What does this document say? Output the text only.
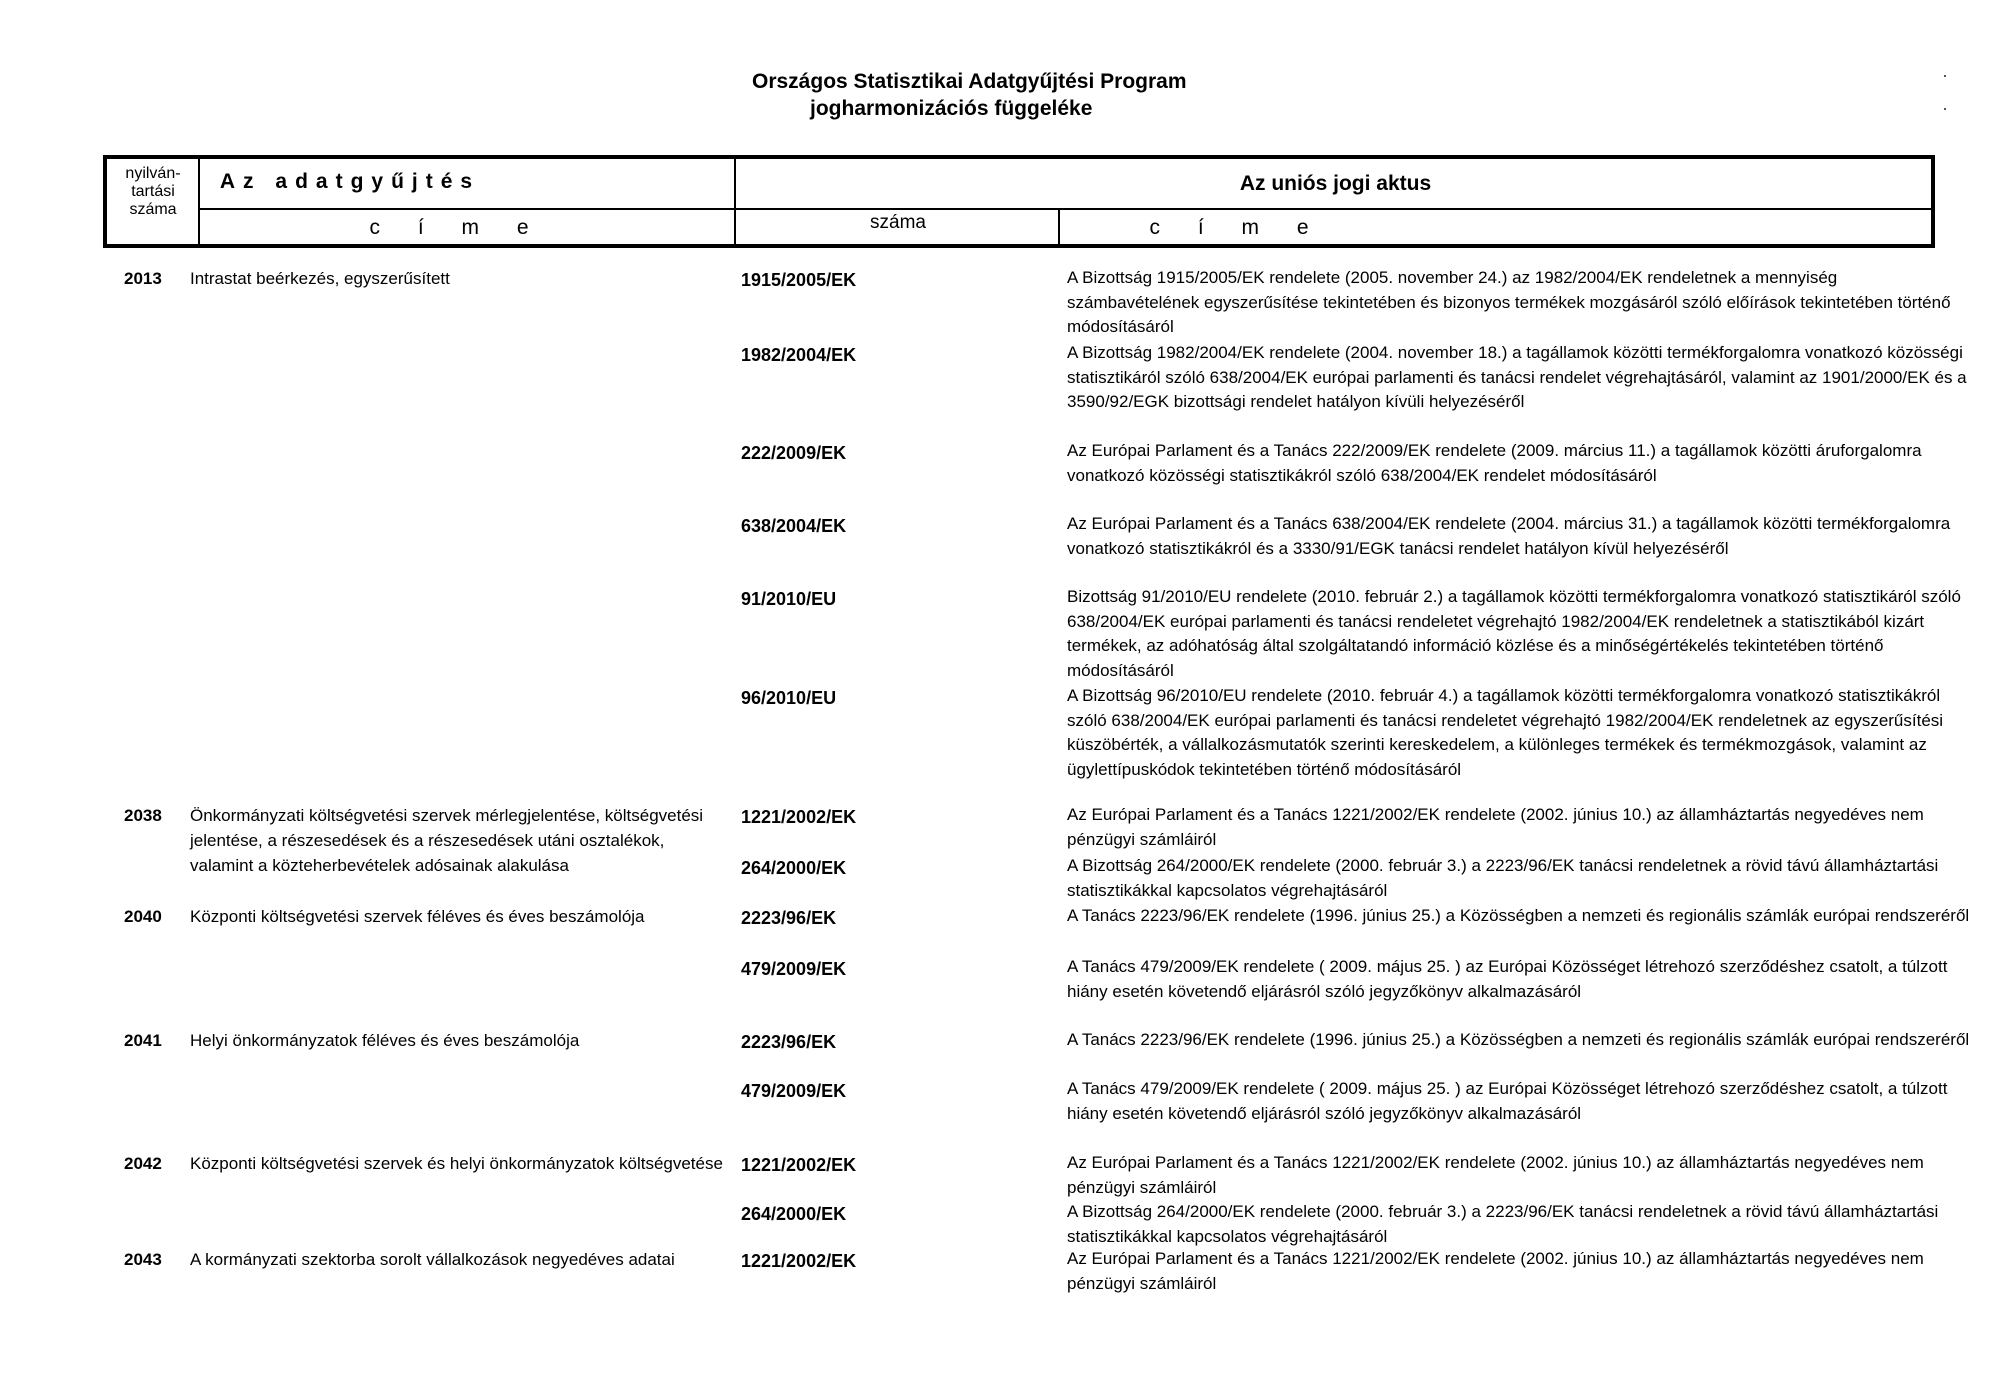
Országos Statisztikai Adatgyűjtési Program
jogharmonizációs függeléke
nyilván-
tartási
száma
Az adatgyűjtés
c í m e
Az uniós jogi aktus
száma	c í m e
2013 Intrastat beérkezés, egyszerűsített	1915/2005/EK	A Bizottság 1915/2005/EK rendelete (2005. november 24.) az 1982/2004/EK rendeletnek a mennyiség számbavételének egyszerűsítése tekintetében és bizonyos termékek mozgásáról szóló előírások tekintetében történő módosításáról
1982/2004/EK	A Bizottság 1982/2004/EK rendelete (2004. november 18.) a tagállamok közötti termékforgalomra vonatkozó közösségi statisztikáról szóló 638/2004/EK európai parlamenti és tanácsi rendelet végrehajtásáról, valamint az 1901/2000/EK és a 3590/92/EGK bizottsági rendelet hatályon kívüli helyezéséről
222/2009/EK	Az Európai Parlament és a Tanács 222/2009/EK rendelete (2009. március 11.) a tagállamok közötti áruforgalomra vonatkozó közösségi statisztikákról szóló 638/2004/EK rendelet módosításáról
638/2004/EK	Az Európai Parlament és a Tanács 638/2004/EK rendelete (2004. március 31.) a tagállamok közötti termékforgalomra vonatkozó statisztikákról és a 3330/91/EGK tanácsi rendelet hatályon kívül helyezéséről
91/2010/EU	Bizottság 91/2010/EU rendelete (2010. február 2.) a tagállamok közötti termékforgalomra vonatkozó statisztikáról szóló 638/2004/EK európai parlamenti és tanácsi rendeletet végrehajtó 1982/2004/EK rendeletnek a statisztikából kizárt termékek, az adóhatóság által szolgáltatandó információ közlése és a minőségértékelés tekintetében történő módosításáról
96/2010/EU	A Bizottság 96/2010/EU rendelete (2010. február 4.) a tagállamok közötti termékforgalomra vonatkozó statisztikákról szóló 638/2004/EK európai parlamenti és tanácsi rendeletet végrehajtó 1982/2004/EK rendeletnek az egyszerűsítési küszöbérték, a vállalkozásmutatók szerinti kereskedelem, a különleges termékek és termékmozgások, valamint az ügylettípuskódok tekintetében történő módosításáról
2038 Önkormányzati költségvetési szervek mérlegjelentése, költségvetési jelentése, a részesedések és a részesedések utáni osztalékok, valamint a közteherbevételek adósainak alakulása
1221/2002/EK	Az Európai Parlament és a Tanács 1221/2002/EK rendelete (2002. június 10.) az államháztartás negyedéves nem pénzügyi számláiról
264/2000/EK	A Bizottság 264/2000/EK rendelete (2000. február 3.) a 2223/96/EK tanácsi rendeletnek a rövid távú államháztartási statisztikákkal kapcsolatos végrehajtásáról
2040 Központi költségvetési szervek féléves és éves beszámolója	2223/96/EK	A Tanács 2223/96/EK rendelete (1996. június 25.) a Közösségben a nemzeti és regionális számlák európai rendszeréről
479/2009/EK	A Tanács 479/2009/EK rendelete ( 2009. május 25. ) az Európai Közösséget létrehozó szerződéshez csatolt, a túlzott hiány esetén követendő eljárásról szóló jegyzőkönyv alkalmazásáról
2041 Helyi önkormányzatok féléves és éves beszámolója	2223/96/EK	A Tanács 2223/96/EK rendelete (1996. június 25.) a Közösségben a nemzeti és regionális számlák európai rendszeréről
479/2009/EK	A Tanács 479/2009/EK rendelete ( 2009. május 25. ) az Európai Közösséget létrehozó szerződéshez csatolt, a túlzott hiány esetén követendő eljárásról szóló jegyzőkönyv alkalmazásáról
2042 Központi költségvetési szervek és helyi önkormányzatok költségvetése	1221/2002/EK	Az Európai Parlament és a Tanács 1221/2002/EK rendelete (2002. június 10.) az államháztartás negyedéves nem pénzügyi számláiról
264/2000/EK	A Bizottság 264/2000/EK rendelete (2000. február 3.) a 2223/96/EK tanácsi rendeletnek a rövid távú államháztartási statisztikákkal kapcsolatos végrehajtásáról
2043 A kormányzati szektorba sorolt vállalkozások negyedéves adatai	1221/2002/EK	Az Európai Parlament és a Tanács 1221/2002/EK rendelete (2002. június 10.) az államháztartás negyedéves nem pénzügyi számláiról
